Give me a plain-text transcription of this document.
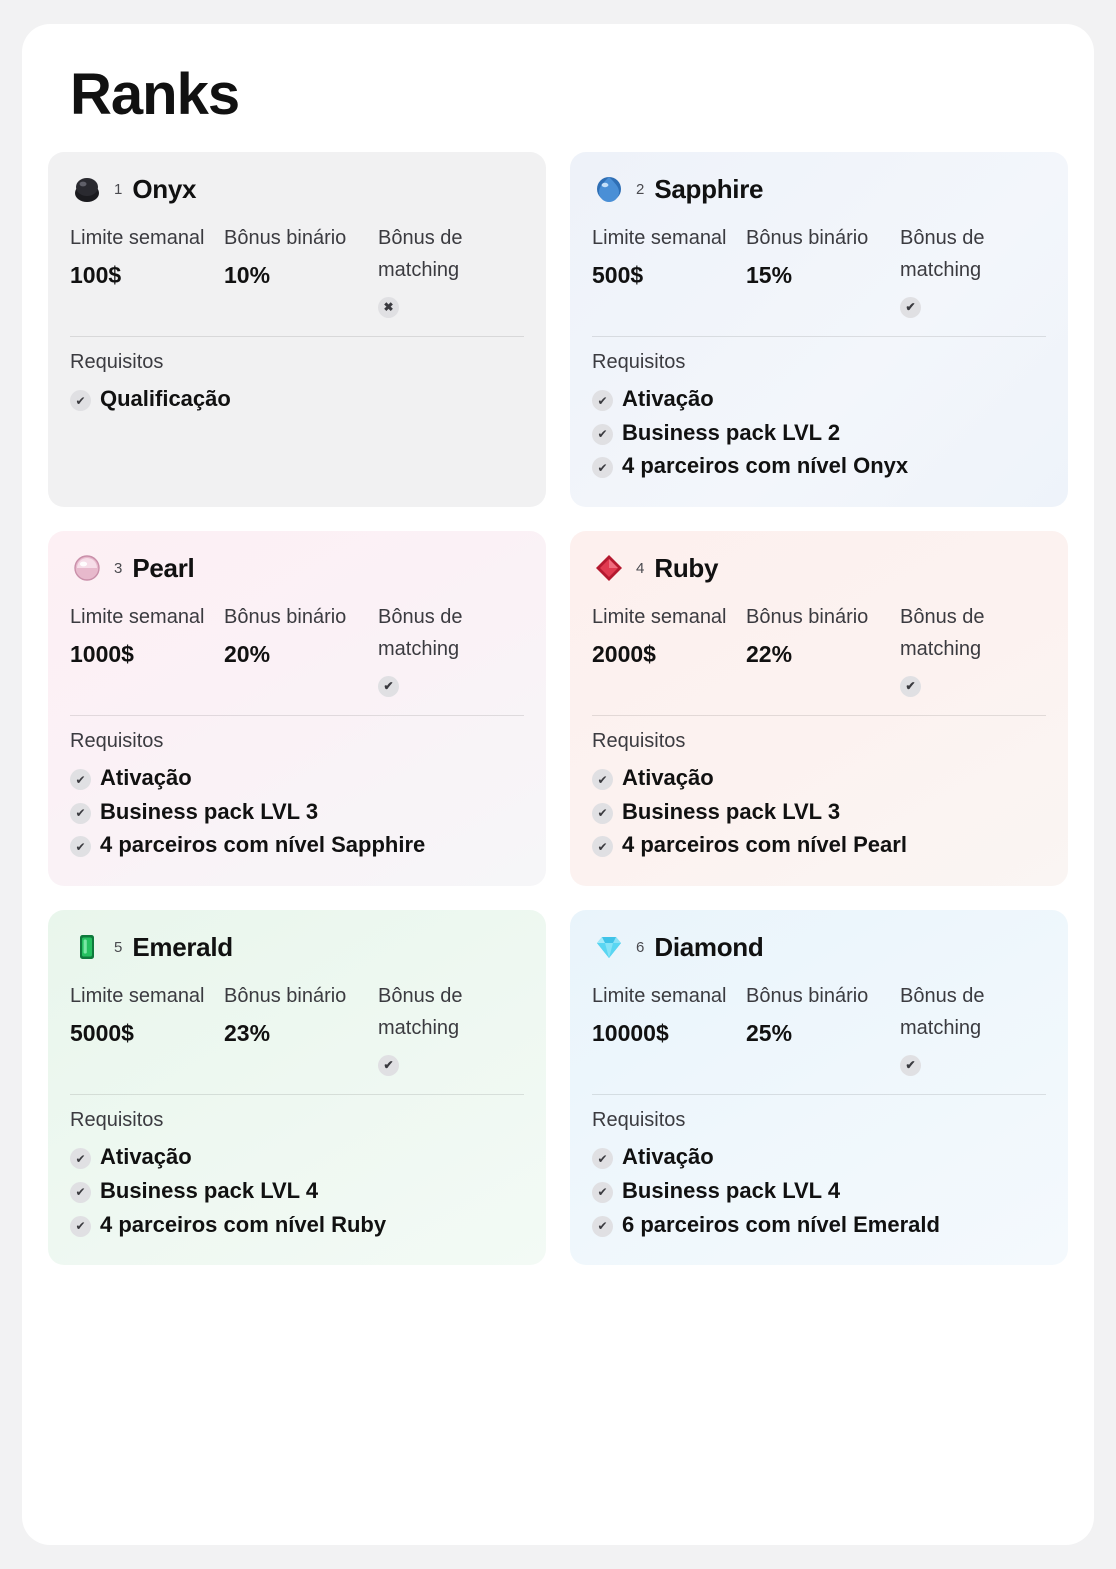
Ranks
1 Onyx
Limite semanal
100$
Bônus binário
10%
Bônus de matching
✖
Requisitos
✔ Qualificação
2 Sapphire
Limite semanal
500$
Bônus binário
15%
Bônus de matching
✔
Requisitos
✔ Ativação
✔ Business pack LVL 2
✔ 4 parceiros com nível Onyx
3 Pearl
Limite semanal
1000$
Bônus binário
20%
Bônus de matching
✔
Requisitos
✔ Ativação
✔ Business pack LVL 3
✔ 4 parceiros com nível Sapphire
4 Ruby
Limite semanal
2000$
Bônus binário
22%
Bônus de matching
✔
Requisitos
✔ Ativação
✔ Business pack LVL 3
✔ 4 parceiros com nível Pearl
5 Emerald
Limite semanal
5000$
Bônus binário
23%
Bônus de matching
✔
Requisitos
✔ Ativação
✔ Business pack LVL 4
✔ 4 parceiros com nível Ruby
6 Diamond
Limite semanal
10000$
Bônus binário
25%
Bônus de matching
✔
Requisitos
✔ Ativação
✔ Business pack LVL 4
✔ 6 parceiros com nível Emerald
